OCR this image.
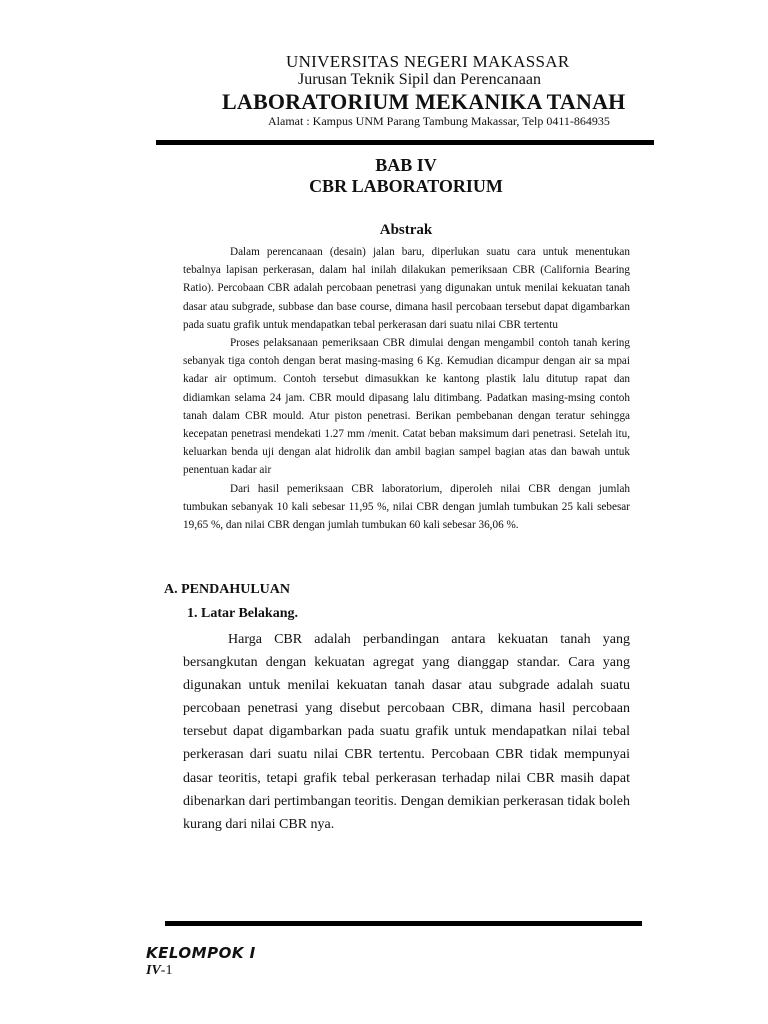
UNIVERSITAS NEGERI MAKASSAR
Jurusan Teknik Sipil dan Perencanaan
LABORATORIUM MEKANIKA TANAH
Alamat : Kampus UNM Parang Tambung Makassar, Telp 0411-864935
BAB IV
CBR LABORATORIUM
Abstrak

Dalam perencanaan (desain) jalan baru, diperlukan suatu cara untuk menentukan tebalnya lapisan perkerasan, dalam hal inilah dilakukan pemeriksaan CBR (California Bearing Ratio). Percobaan CBR adalah percobaan penetrasi yang digunakan untuk menilai kekuatan tanah dasar atau subgrade, subbase dan base course, dimana hasil percobaan tersebut dapat digambarkan pada suatu grafik untuk mendapatkan tebal perkerasan dari suatu nilai CBR tertentu

Proses pelaksanaan pemeriksaan CBR dimulai dengan mengambil contoh tanah kering sebanyak tiga contoh dengan berat masing-masing 6 Kg. Kemudian dicampur dengan air sa mpai kadar air optimum. Contoh tersebut dimasukkan ke kantong plastik lalu ditutup rapat dan didiamkan selama 24 jam. CBR mould dipasang lalu ditimbang. Padatkan masing-msing contoh tanah dalam CBR mould. Atur piston penetrasi. Berikan pembebanan dengan teratur sehingga kecepatan penetrasi mendekati 1.27 mm /menit. Catat beban maksimum dari penetrasi. Setelah itu, keluarkan benda uji dengan alat hidrolik dan ambil bagian sampel bagian atas dan bawah untuk penentuan kadar air

Dari hasil pemeriksaan CBR laboratorium, diperoleh nilai CBR dengan jumlah tumbukan sebanyak 10 kali sebesar 11,95 %, nilai CBR dengan jumlah tumbukan 25 kali sebesar 19,65 %, dan nilai CBR dengan jumlah tumbukan 60 kali sebesar 36,06 %.

A. PENDAHULUAN
1. Latar Belakang.

Harga CBR adalah perbandingan antara kekuatan tanah yang bersangkutan dengan kekuatan agregat yang dianggap standar. Cara yang digunakan untuk menilai kekuatan tanah dasar atau subgrade adalah suatu percobaan penetrasi yang disebut percobaan CBR, dimana hasil percobaan tersebut dapat digambarkan pada suatu grafik untuk mendapatkan nilai tebal perkerasan dari suatu nilai CBR tertentu. Percobaan CBR tidak mempunyai dasar teoritis, tetapi grafik tebal perkerasan terhadap nilai CBR masih dapat dibenarkan dari pertimbangan teoritis. Dengan demikian perkerasan tidak boleh kurang dari nilai CBR nya.

KELOMPOK I
IV-1
